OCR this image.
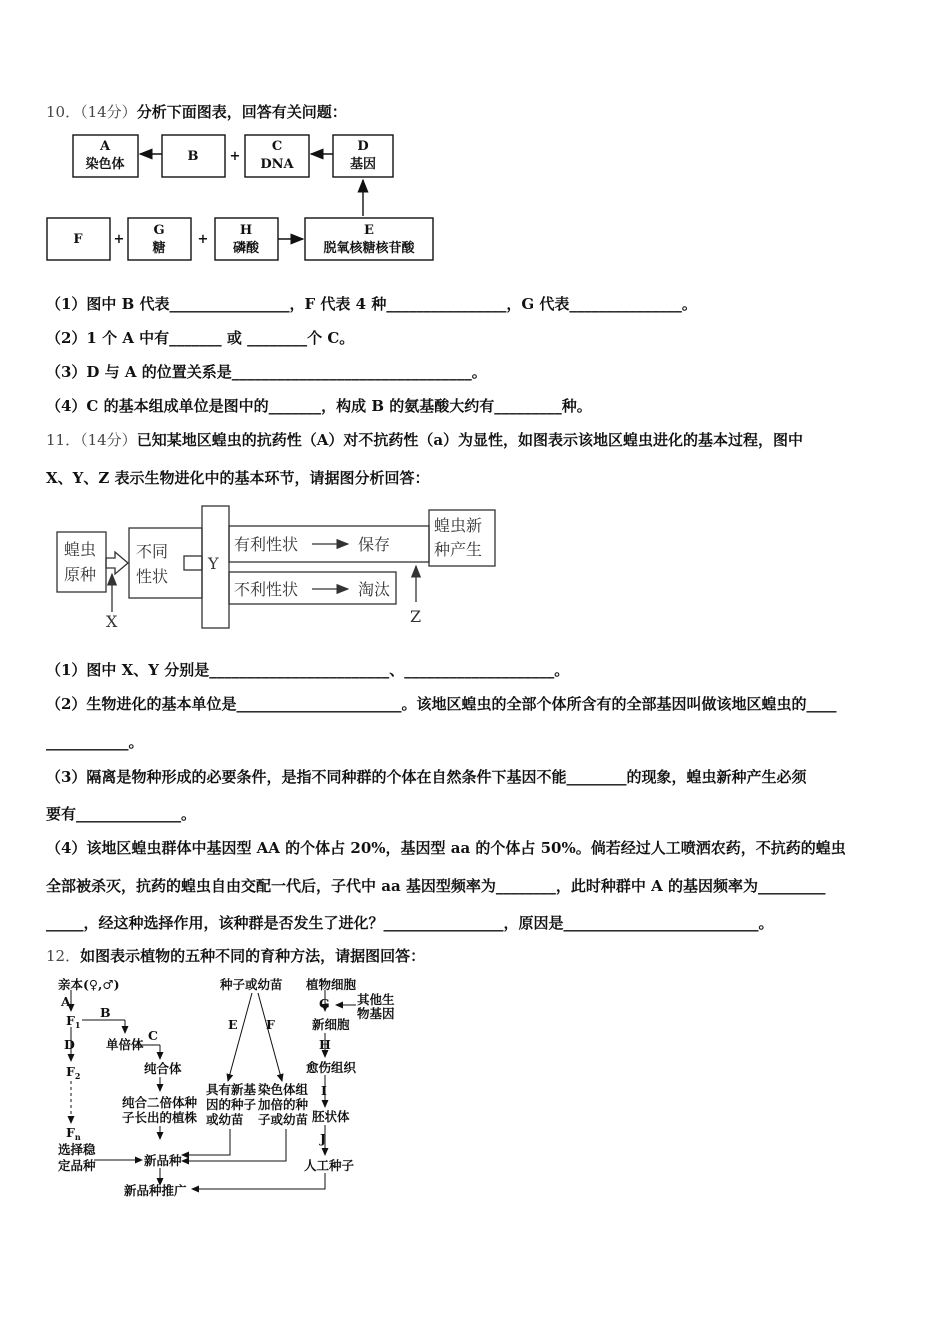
10．（14分）分析下面图表，回答有关问题：
A
染色体
B +
C
DNA
D
基因
F +
G
糖
+
H
磷酸
E
脱氧核糖核苷酸
（1）图中 B 代表________________，F 代表 4 种________________，G 代表_______________。
（2）1 个 A 中有_______ 或 ________个 C。
（3）D 与 A 的位置关系是________________________________。
（4）C 的基本组成单位是图中的_______，构成 B 的氨基酸大约有_________种。
11．（14分）已知某地区蝗虫的抗药性（A）对不抗药性（a）为显性，如图表示该地区蝗虫进化的基本过程，图中
X、Y、Z 表示生物进化中的基本环节，请据图分析回答：
蝗虫
原种
不同
性状
Y
有利性状	保存
不利性状	淘汰
蝗虫新
种产生
X	Z
（1）图中 X、Y 分别是________________________、____________________。
（2）生物进化的基本单位是______________________。该地区蝗虫的全部个体所含有的全部基因叫做该地区蝗虫的____
___________。
（3）隔离是物种形成的必要条件，是指不同种群的个体在自然条件下基因不能________的现象，蝗虫新种产生必须
要有______________。
（4）该地区蝗虫群体中基因型 AA 的个体占 20%，基因型 aa 的个体占 50%。倘若经过人工喷洒农药，不抗药的蝗虫
全部被杀灭，抗药的蝗虫自由交配一代后，子代中 aa 基因型频率为________，此时种群中 A 的基因频率为_________
_____，经这种选择作用，该种群是否发生了进化？________________，原因是__________________________。
12．如图表示植物的五种不同的育种方法，请据图回答：
亲本(♀,♂)
A
$F_1$
B
单倍体
C
纯合体
D
$F_2$
$F_n$
选择稳
定品种
纯合二倍体种
子长出的植株
新品种
新品种推广
种子或幼苗
E F
具有新基
因的种子
或幼苗
染色体组
加倍的种
子或幼苗
植物细胞
其他生
物基因
G
新细胞
H
愈伤组织
I
胚状体
J
人工种子
